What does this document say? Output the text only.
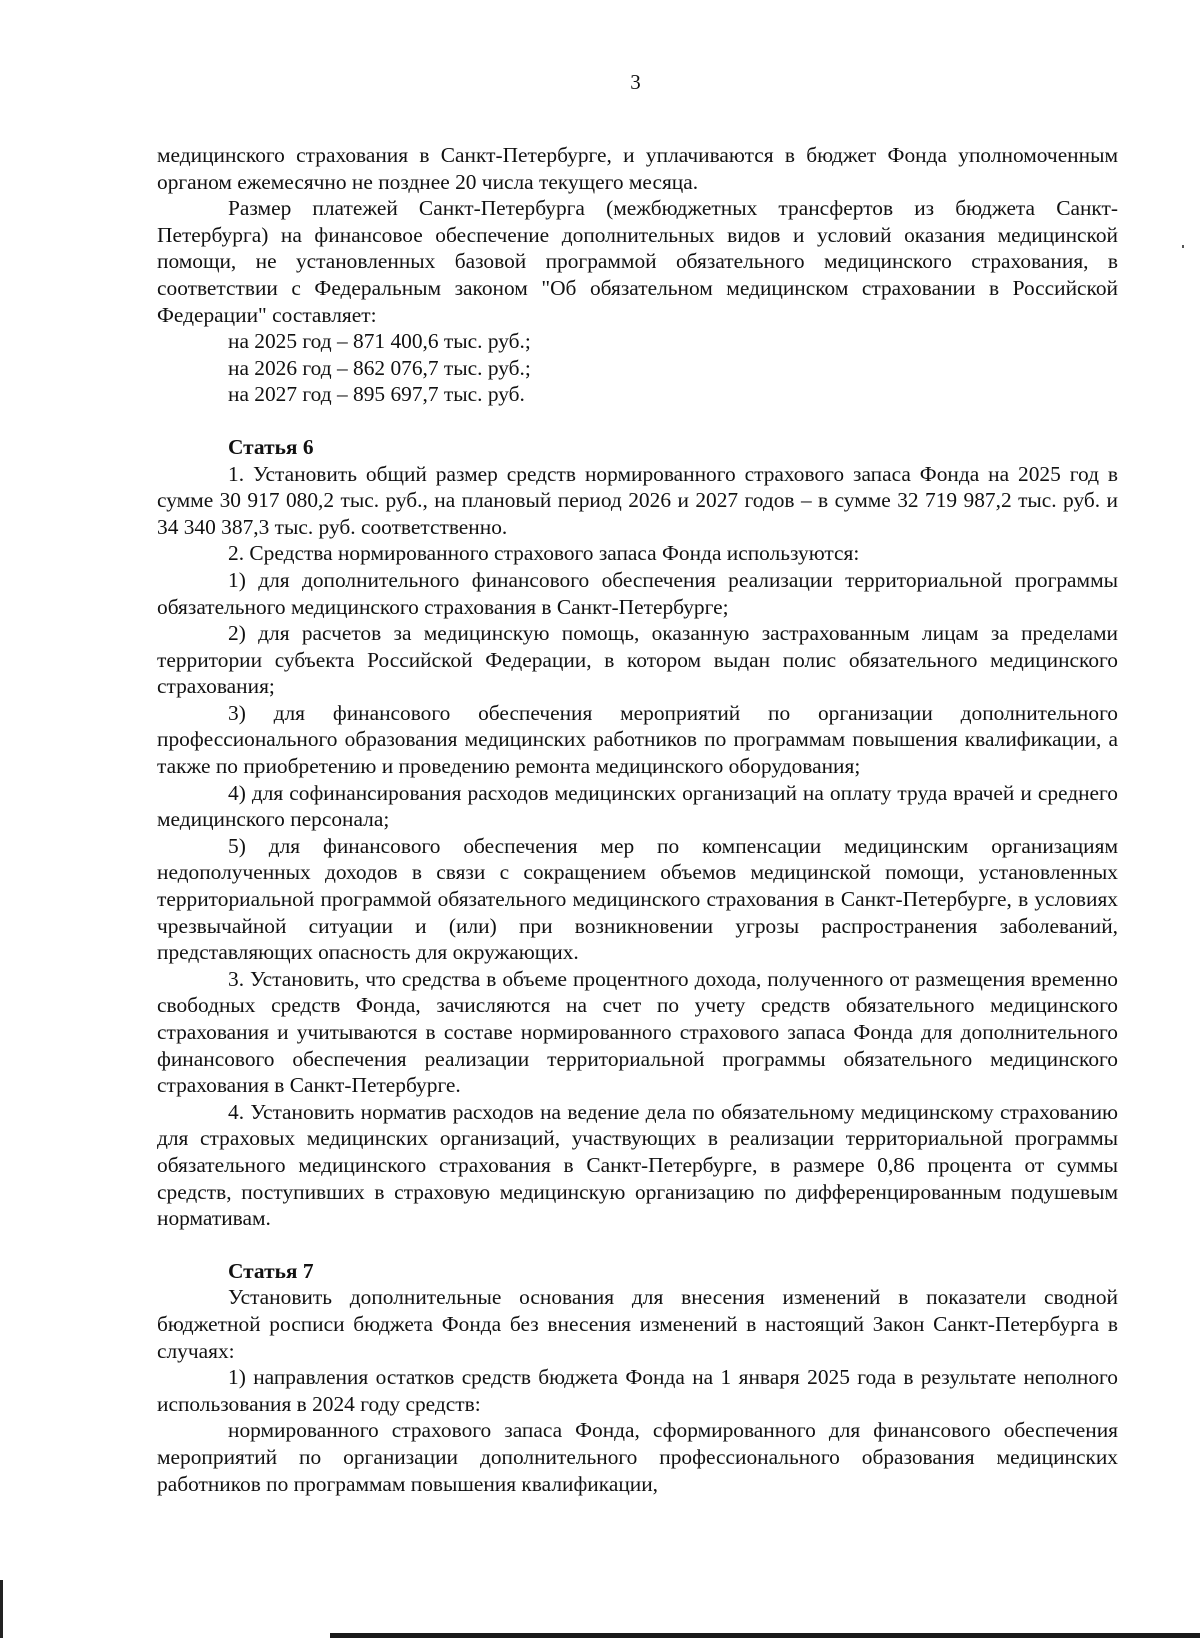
3

медицинского страхования в Санкт-Петербурге, и уплачиваются в бюджет Фонда уполномоченным органом ежемесячно не позднее 20 числа текущего месяца.

Размер платежей Санкт-Петербурга (межбюджетных трансфертов из бюджета Санкт-Петербурга) на финансовое обеспечение дополнительных видов и условий оказания медицинской помощи, не установленных базовой программой обязательного медицинского страхования, в соответствии с Федеральным законом "Об обязательном медицинском страховании в Российской Федерации" составляет:

на 2025 год – 871 400,6 тыс. руб.;

на 2026 год – 862 076,7 тыс. руб.;

на 2027 год – 895 697,7 тыс. руб.

Статья 6

1. Установить общий размер средств нормированного страхового запаса Фонда на 2025 год в сумме 30 917 080,2 тыс. руб., на плановый период 2026 и 2027 годов – в сумме 32 719 987,2 тыс. руб. и 34 340 387,3 тыс. руб. соответственно.

2. Средства нормированного страхового запаса Фонда используются:

1) для дополнительного финансового обеспечения реализации территориальной программы обязательного медицинского страхования в Санкт-Петербурге;

2) для расчетов за медицинскую помощь, оказанную застрахованным лицам за пределами территории субъекта Российской Федерации, в котором выдан полис обязательного медицинского страхования;

3) для финансового обеспечения мероприятий по организации дополнительного профессионального образования медицинских работников по программам повышения квалификации, а также по приобретению и проведению ремонта медицинского оборудования;

4) для софинансирования расходов медицинских организаций на оплату труда врачей и среднего медицинского персонала;

5) для финансового обеспечения мер по компенсации медицинским организациям недополученных доходов в связи с сокращением объемов медицинской помощи, установленных территориальной программой обязательного медицинского страхования в Санкт-Петербурге, в условиях чрезвычайной ситуации и (или) при возникновении угрозы распространения заболеваний, представляющих опасность для окружающих.

3. Установить, что средства в объеме процентного дохода, полученного от размещения временно свободных средств Фонда, зачисляются на счет по учету средств обязательного медицинского страхования и учитываются в составе нормированного страхового запаса Фонда для дополнительного финансового обеспечения реализации территориальной программы обязательного медицинского страхования в Санкт-Петербурге.

4. Установить норматив расходов на ведение дела по обязательному медицинскому страхованию для страховых медицинских организаций, участвующих в реализации территориальной программы обязательного медицинского страхования в Санкт-Петербурге, в размере 0,86 процента от суммы средств, поступивших в страховую медицинскую организацию по дифференцированным подушевым нормативам.

Статья 7

Установить дополнительные основания для внесения изменений в показатели сводной бюджетной росписи бюджета Фонда без внесения изменений в настоящий Закон Санкт-Петербурга в случаях:

1) направления остатков средств бюджета Фонда на 1 января 2025 года в результате неполного использования в 2024 году средств:

нормированного страхового запаса Фонда, сформированного для финансового обеспечения мероприятий по организации дополнительного профессионального образования медицинских работников по программам повышения квалификации,
